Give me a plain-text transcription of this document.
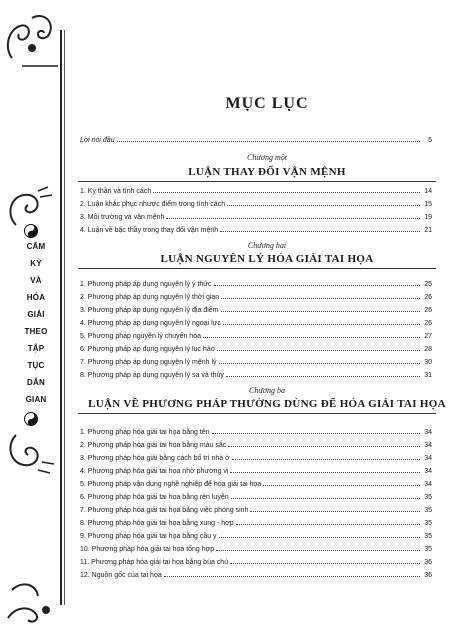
CẨM
KỲ
VÀ
HÓA
GIẢI
THEO
TẬP
TỤC
DÂN
GIAN
MỤC LỤC
Lời nói đầu	5
Chương một
LUẬN THAY ĐỔI VẬN MỆNH
1. Kỵ thần và tính cách	14
2. Luận khắc phục nhược điểm trong tính cách	15
3. Môi trường và vận mệnh	19
4. Luận về bậc thầy trong thay đổi vận mệnh	21
Chương hai
LUẬN NGUYÊN LÝ HÓA GIẢI TAI HỌA
1. Phương pháp áp dụng nguyên lý ý thức	25
2. Phương pháp áp dụng nguyên lý thời gian	26
3. Phương pháp áp dụng nguyên lý địa điểm	26
4. Phương pháp áp dụng nguyên lý ngoại lực	26
5. Phương pháp nguyên lý chuyển hóa	27
6. Phương pháp áp dụng nguyên lý lục hào	28
7. Phương pháp áp dụng nguyên lý mệnh lý	30
8. Phương pháp áp dụng nguyên lý sa và thủy	31
Chương ba
LUẬN VỀ PHƯƠNG PHÁP THƯỜNG DÙNG ĐỂ HÓA GIẢI TAI HỌA
1. Phương pháp hóa giải tai họa bằng tên	34
2. Phương pháp hóa giải tai họa bằng màu sắc	34
3. Phương pháp hóa giải bằng cách bố trí nhà ở	34
4. Phương pháp hóa giải tai họa nhờ phương vị	34
5. Phương pháp vận dụng nghề nghiệp để hóa giải tai họa	34
6. Phương pháp hóa giải tai họa bằng rèn luyện	35
7. Phương pháp hóa giải tai họa bằng việc phóng sinh	35
8. Phương pháp hóa giải tai họa bằng xung - hợp	35
9. Phương pháp hóa giải tai họa bằng cầu y	35
10. Phương pháp hóa giải tai họa tổng hợp	35
11. Phương pháp hóa giải tai họa bằng bùa chú	36
12. Nguồn gốc của tai họa	36
